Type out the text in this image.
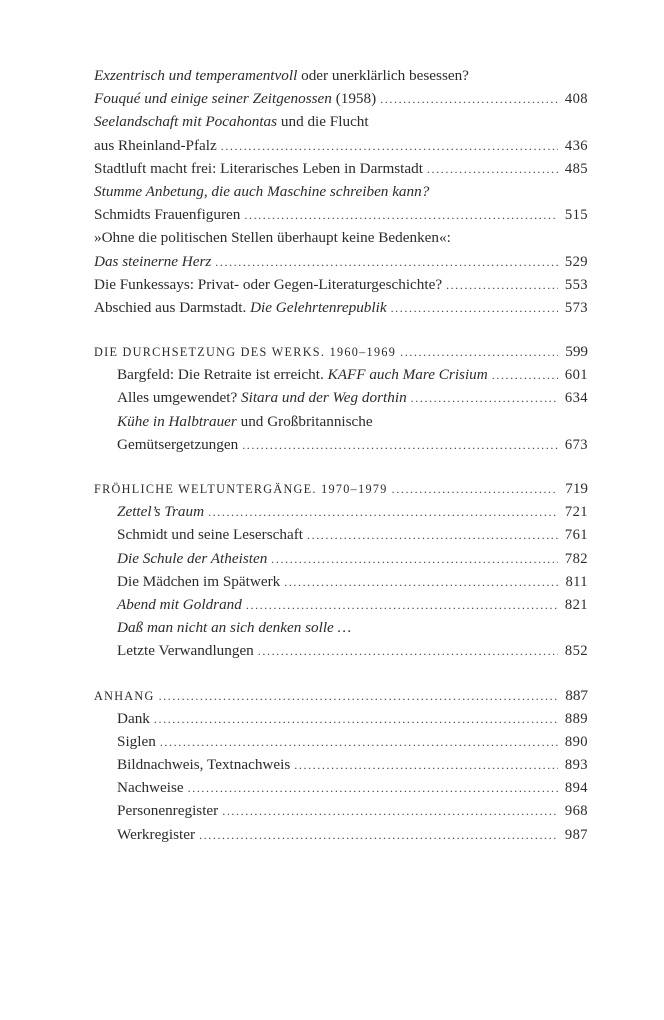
Exzentrisch und temperamentvoll oder unerklärlich besessen?
Fouqué und einige seiner Zeitgenossen (1958) .....	408
Seelandschaft mit Pocahontas und die Flucht
aus Rheinland-Pfalz .....	436
Stadtluft macht frei: Literarisches Leben in Darmstadt .....	485
Stumme Anbetung, die auch Maschine schreiben kann?
Schmidts Frauenfiguren .....	515
»Ohne die politischen Stellen überhaupt keine Bedenken«:
Das steinerne Herz .....	529
Die Funkessays: Privat- oder Gegen-Literaturgeschichte? .....	553
Abschied aus Darmstadt. Die Gelehrtenrepublik .....	573
DIE DURCHSETZUNG DES WERKS. 1960–1969 .....	599
Bargfeld: Die Retraite ist erreicht. KAFF auch Mare Crisium .....	601
Alles umgewendet? Sitara und der Weg dorthin .....	634
Kühe in Halbtrauer und Großbritannische
Gemütsergetzungen .....	673
FRÖHLICHE WELTUNTERGÄNGE. 1970–1979 .....	719
Zettel’s Traum .....	721
Schmidt und seine Leserschaft .....	761
Die Schule der Atheisten .....	782
Die Mädchen im Spätwerk .....	811
Abend mit Goldrand .....	821
Daß man nicht an sich denken solle …
Letzte Verwandlungen .....	852
ANHANG .....	887
Dank .....	889
Siglen .....	890
Bildnachweis, Textnachweis .....	893
Nachweise .....	894
Personenregister .....	968
Werkregister .....	987
